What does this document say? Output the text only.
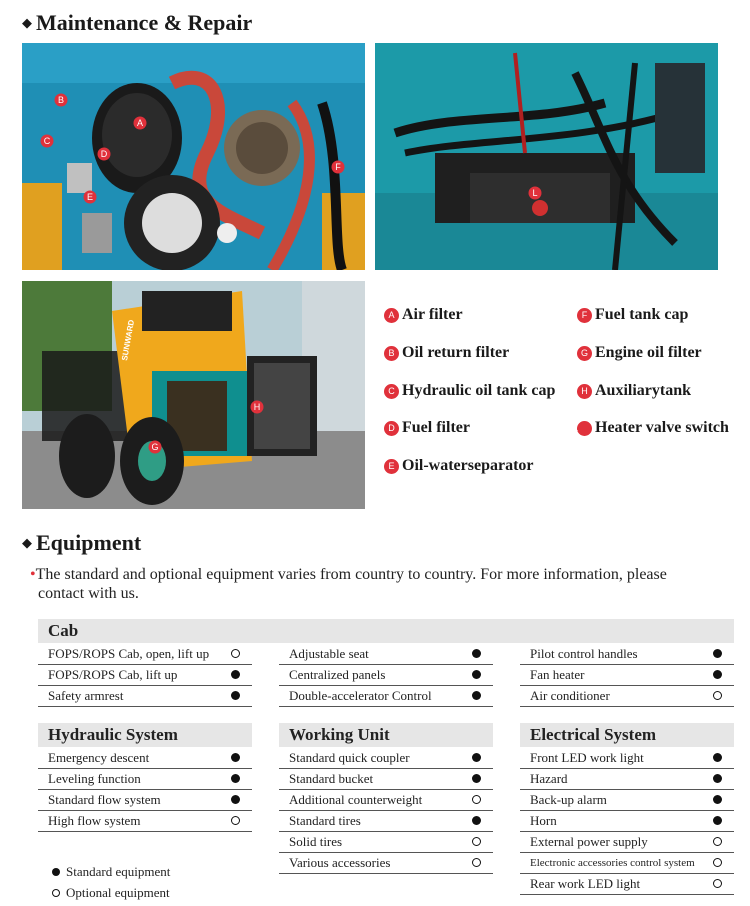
◆ Maintenance & Repair
A
B
C
D
E
F
L
SUNWARD
H
G
A Air filter
B Oil return filter
C Hydraulic oil tank cap
D Fuel filter
E Oil-waterseparator
F Fuel tank cap
G Engine oil filter
H Auxiliarytank
L Heater valve switch
◆ Equipment
•The standard and optional equipment varies from country to country. For more information, please contact with us.
Cab
FOPS/ROPS Cab, open, lift up
FOPS/ROPS Cab, lift up
Safety armrest
Adjustable seat
Centralized panels
Double-accelerator Control
Pilot control handles
Fan heater
Air conditioner
Hydraulic System	Working Unit	Electrical System
Emergency descent
Leveling function
Standard flow system
High flow system
Standard quick coupler
Standard bucket
Additional counterweight
Standard tires
Solid tires
Various accessories
Front LED work light
Hazard
Back-up alarm
Horn
External power supply
Electronic accessories control system
Rear work LED light
Standard equipment
Optional equipment
